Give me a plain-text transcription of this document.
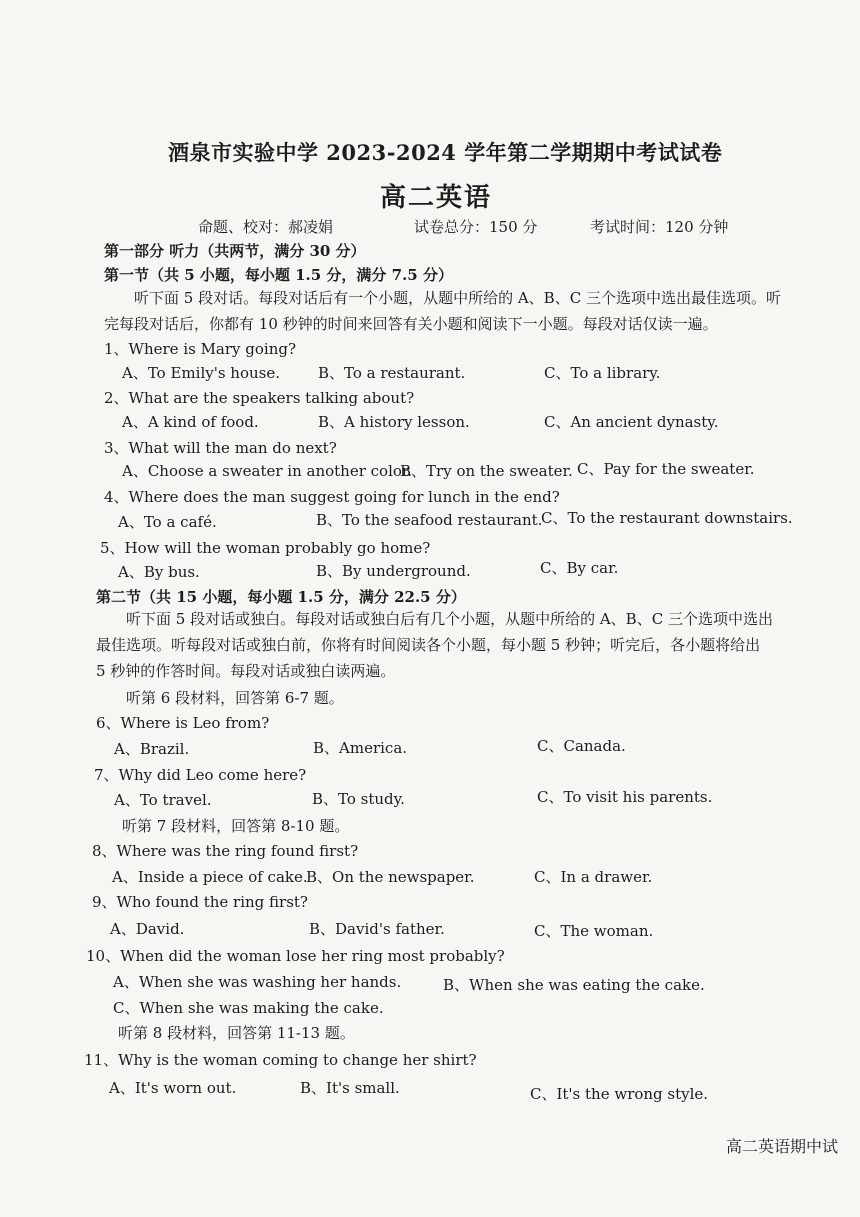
酒泉市实验中学 2023-2024 学年第二学期期中考试试卷
高二英语
命题、校对：郝凌娟	试卷总分：150 分	考试时间：120 分钟
第一部分 听力（共两节，满分 30 分）
第一节（共 5 小题，每小题 1.5 分，满分 7.5 分）
听下面 5 段对话。每段对话后有一个小题，从题中所给的 A、B、C 三个选项中选出最佳选项。听
完每段对话后，你都有 10 秒钟的时间来回答有关小题和阅读下一小题。每段对话仅读一遍。
1、Where is Mary going?
A、To Emily's house.	B、To a restaurant.	C、To a library.
2、What are the speakers talking about?
A、A kind of food.	B、A history lesson.	C、An ancient dynasty.
3、What will the man do next?
A、Choose a sweater in another color.
B、Try on the sweater. C、Pay for the sweater.
4、Where does the man suggest going for lunch in the end?
A、To a café.	B、To the seafood restaurant.
C、To the restaurant downstairs.
5、How will the woman probably go home?
A、By bus.	B、By underground.	C、By car.
第二节（共 15 小题，每小题 1.5 分，满分 22.5 分）
听下面 5 段对话或独白。每段对话或独白后有几个小题，从题中所给的 A、B、C 三个选项中选出
最佳选项。听每段对话或独白前，你将有时间阅读各个小题，每小题 5 秒钟；听完后，各小题将给出
5 秒钟的作答时间。每段对话或独白读两遍。
听第 6 段材料，回答第 6-7 题。
6、Where is Leo from?
A、Brazil.	B、America.	C、Canada.
7、Why did Leo come here?
A、To travel.	B、To study.	C、To visit his parents.
听第 7 段材料，回答第 8-10 题。
8、Where was the ring found first?
A、Inside a piece of cake.
B、On the newspaper.	C、In a drawer.
9、Who found the ring first?
A、David.	B、David's father.	C、The woman.
10、When did the woman lose her ring most probably?
A、When she was washing her hands.	B、When she was eating the cake.
C、When she was making the cake.
听第 8 段材料，回答第 11-13 题。
11、Why is the woman coming to change her shirt?
A、It's worn out.	B、It's small.	C、It's the wrong style.
高二英语期中试
